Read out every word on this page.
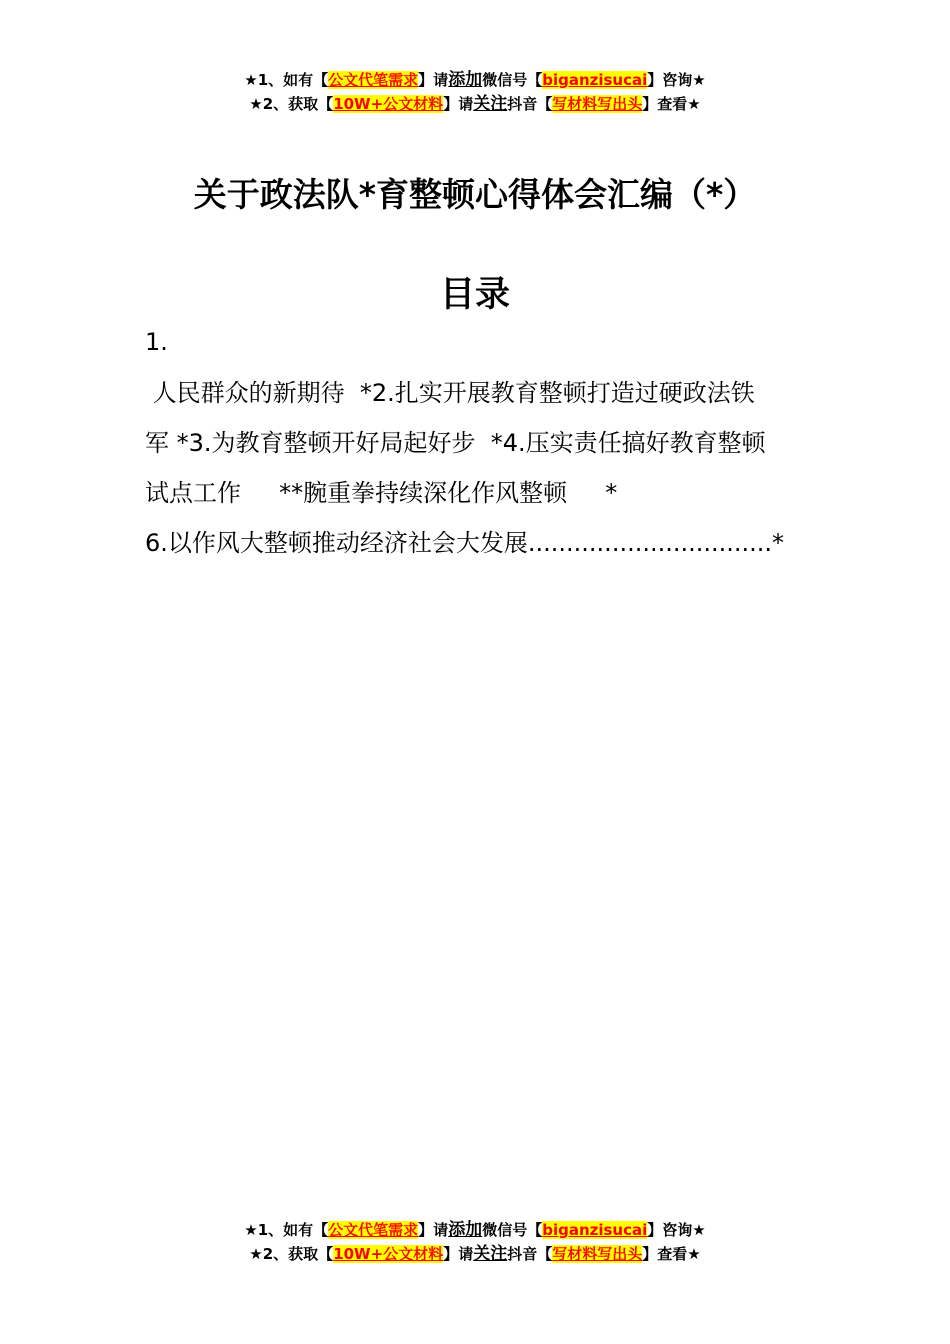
★1、如有【公文代笔需求】请添加微信号【biganzisucai】咨询★
★2、获取【10W+公文材料】请关注抖音【写材料写出头】查看★
关于政法队*育整顿心得体会汇编（*）
目录
1.
人民群众的新期待  *2.扎实开展教育整顿打造过硬政法铁
军 *3.为教育整顿开好局起好步  *4.压实责任搞好教育整顿
试点工作     **腕重拳持续深化作风整顿     *
6.以作风大整顿推动经济社会大发展................................*
★1、如有【公文代笔需求】请添加微信号【biganzisucai】咨询★
★2、获取【10W+公文材料】请关注抖音【写材料写出头】查看★
